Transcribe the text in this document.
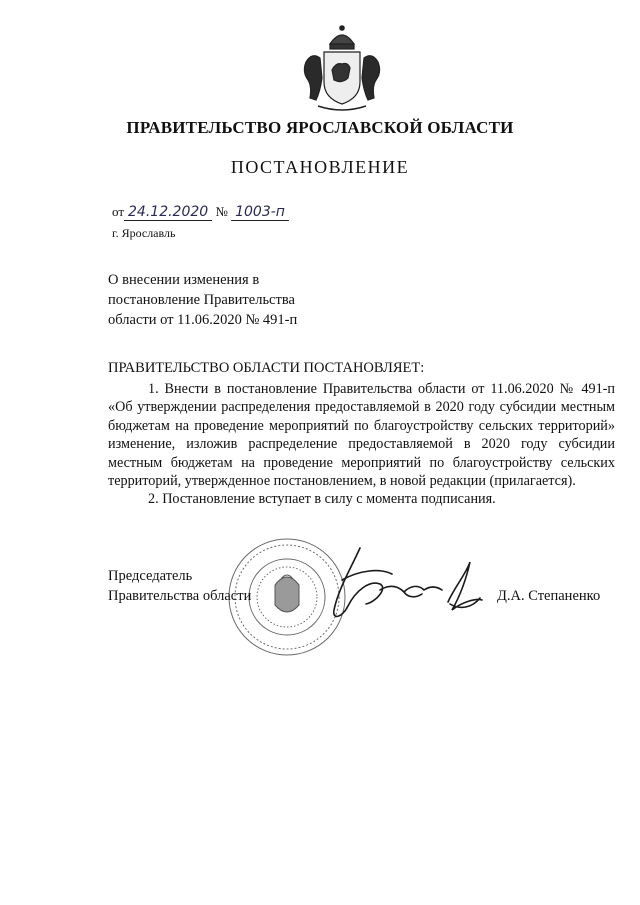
ПРАВИТЕЛЬСТВО ЯРОСЛАВСКОЙ ОБЛАСТИ
ПОСТАНОВЛЕНИЕ
от 24.12.2020 № 1003-п
г. Ярославль
О внесении изменения в
постановление Правительства
области от 11.06.2020 № 491-п
ПРАВИТЕЛЬСТВО ОБЛАСТИ ПОСТАНОВЛЯЕТ:

1. Внести в постановление Правительства области от 11.06.2020 № 491-п «Об утверждении распределения предоставляемой в 2020 году субсидии местным бюджетам на проведение мероприятий по благоустройству сельских территорий» изменение, изложив распределение предоставляемой в 2020 году субсидии местным бюджетам на проведение мероприятий по благоустройству сельских территорий, утвержденное постановлением, в новой редакции (прилагается).

2. Постановление вступает в силу с момента подписания.

Председатель
Правительства области	Д.А. Степаненко
